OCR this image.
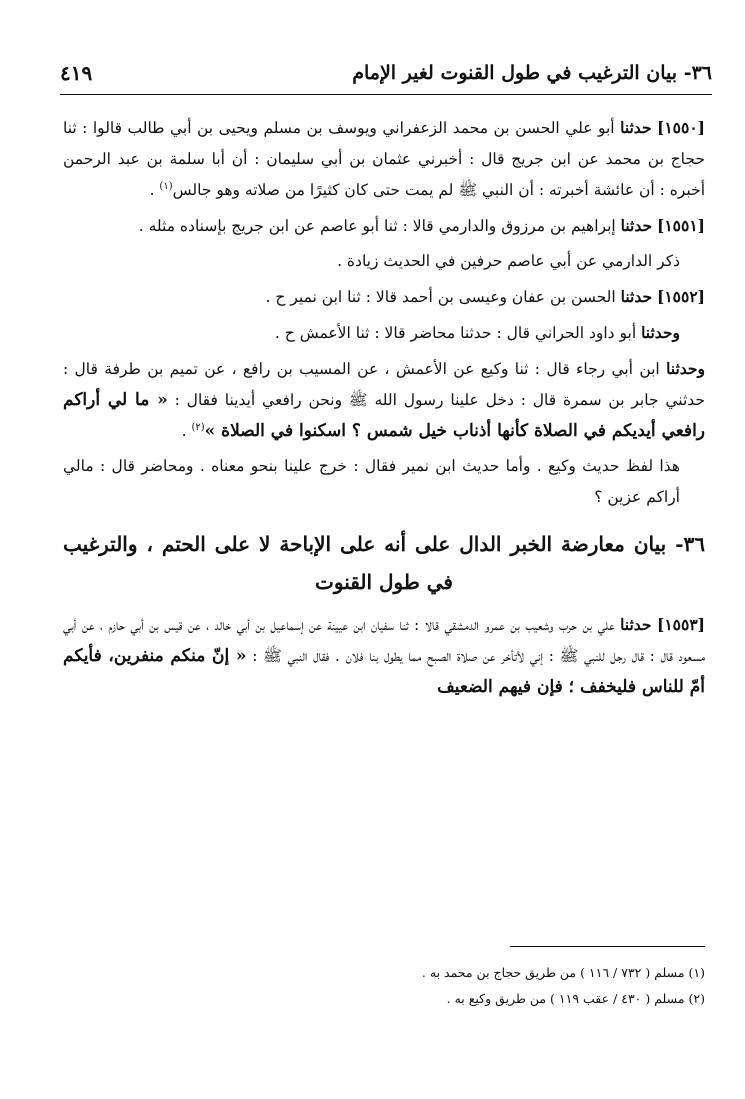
٣٦- بيان الترغيب في طول القنوت لغير الإمام
٤١٩

[١٥٥٠] حدثنا أبو علي الحسن بن محمد الزعفراني ويوسف بن مسلم ويحيى بن أبي طالب قالوا : ثنا حجاج بن محمد عن ابن جريج قال : أخبرني عثمان بن أبي سليمان : أن أبا سلمة بن عبد الرحمن أخبره : أن عائشة أخبرته : أن النبي ﷺ لم يمت حتى كان كثيرًا من صلاته وهو جالس$^{(١)}$ .

[١٥٥١] حدثنا إبراهيم بن مرزوق والدارمي قالا : ثنا أبو عاصم عن ابن جريج بإسناده مثله .

ذكر الدارمي عن أبي عاصم حرفين في الحديث زيادة .

[١٥٥٢] حدثنا الحسن بن عفان وعيسى بن أحمد قالا : ثنا ابن نمير ح .

وحدثنا أبو داود الحراني قال : حدثنا محاضر قالا : ثنا الأعمش ح .

وحدثنا ابن أبي رجاء قال : ثنا وكيع عن الأعمش ، عن المسيب بن رافع ، عن تميم بن طرفة قال : حدثني جابر بن سمرة قال : دخل علينا رسول الله ﷺ ونحن رافعي أيدينا فقال : « ما لي أراكم رافعي أيديكم في الصلاة كأنها أذناب خيل شمس ؟ اسكنوا في الصلاة »$^{(٢)}$ .

هذا لفظ حديث وكيع . وأما حديث ابن نمير فقال : خرج علينا بنحو معناه . ومحاضر قال : مالي أراكم عزين ؟

٣٦- بيان معارضة الخبر الدال على أنه على الإباحة لا على الحتم ، والترغيب في طول القنوت

[١٥٥٣] حدثنا علي بن حرب وشعيب بن عمرو الدمشقي قالا : ثنا سفيان ابن عيينة عن إسماعيل بن أبي خالد ، عن قيس بن أبي حازم ، عن أبي مسعود قال : قال رجل للنبي ﷺ : إني لأتأخر عن صلاة الصبح مما يطول بنا فلان . فقال النبي ﷺ : « إنّ منكم منفرين، فأيكم أمّ للناس فليخفف ؛ فإن فيهم الضعيف

(١) مسلم ( ٧٣٢ / ١١٦ ) من طريق حجاج بن محمد به .

(٢) مسلم ( ٤٣٠ / عقب ١١٩ ) من طريق وكيع به .
